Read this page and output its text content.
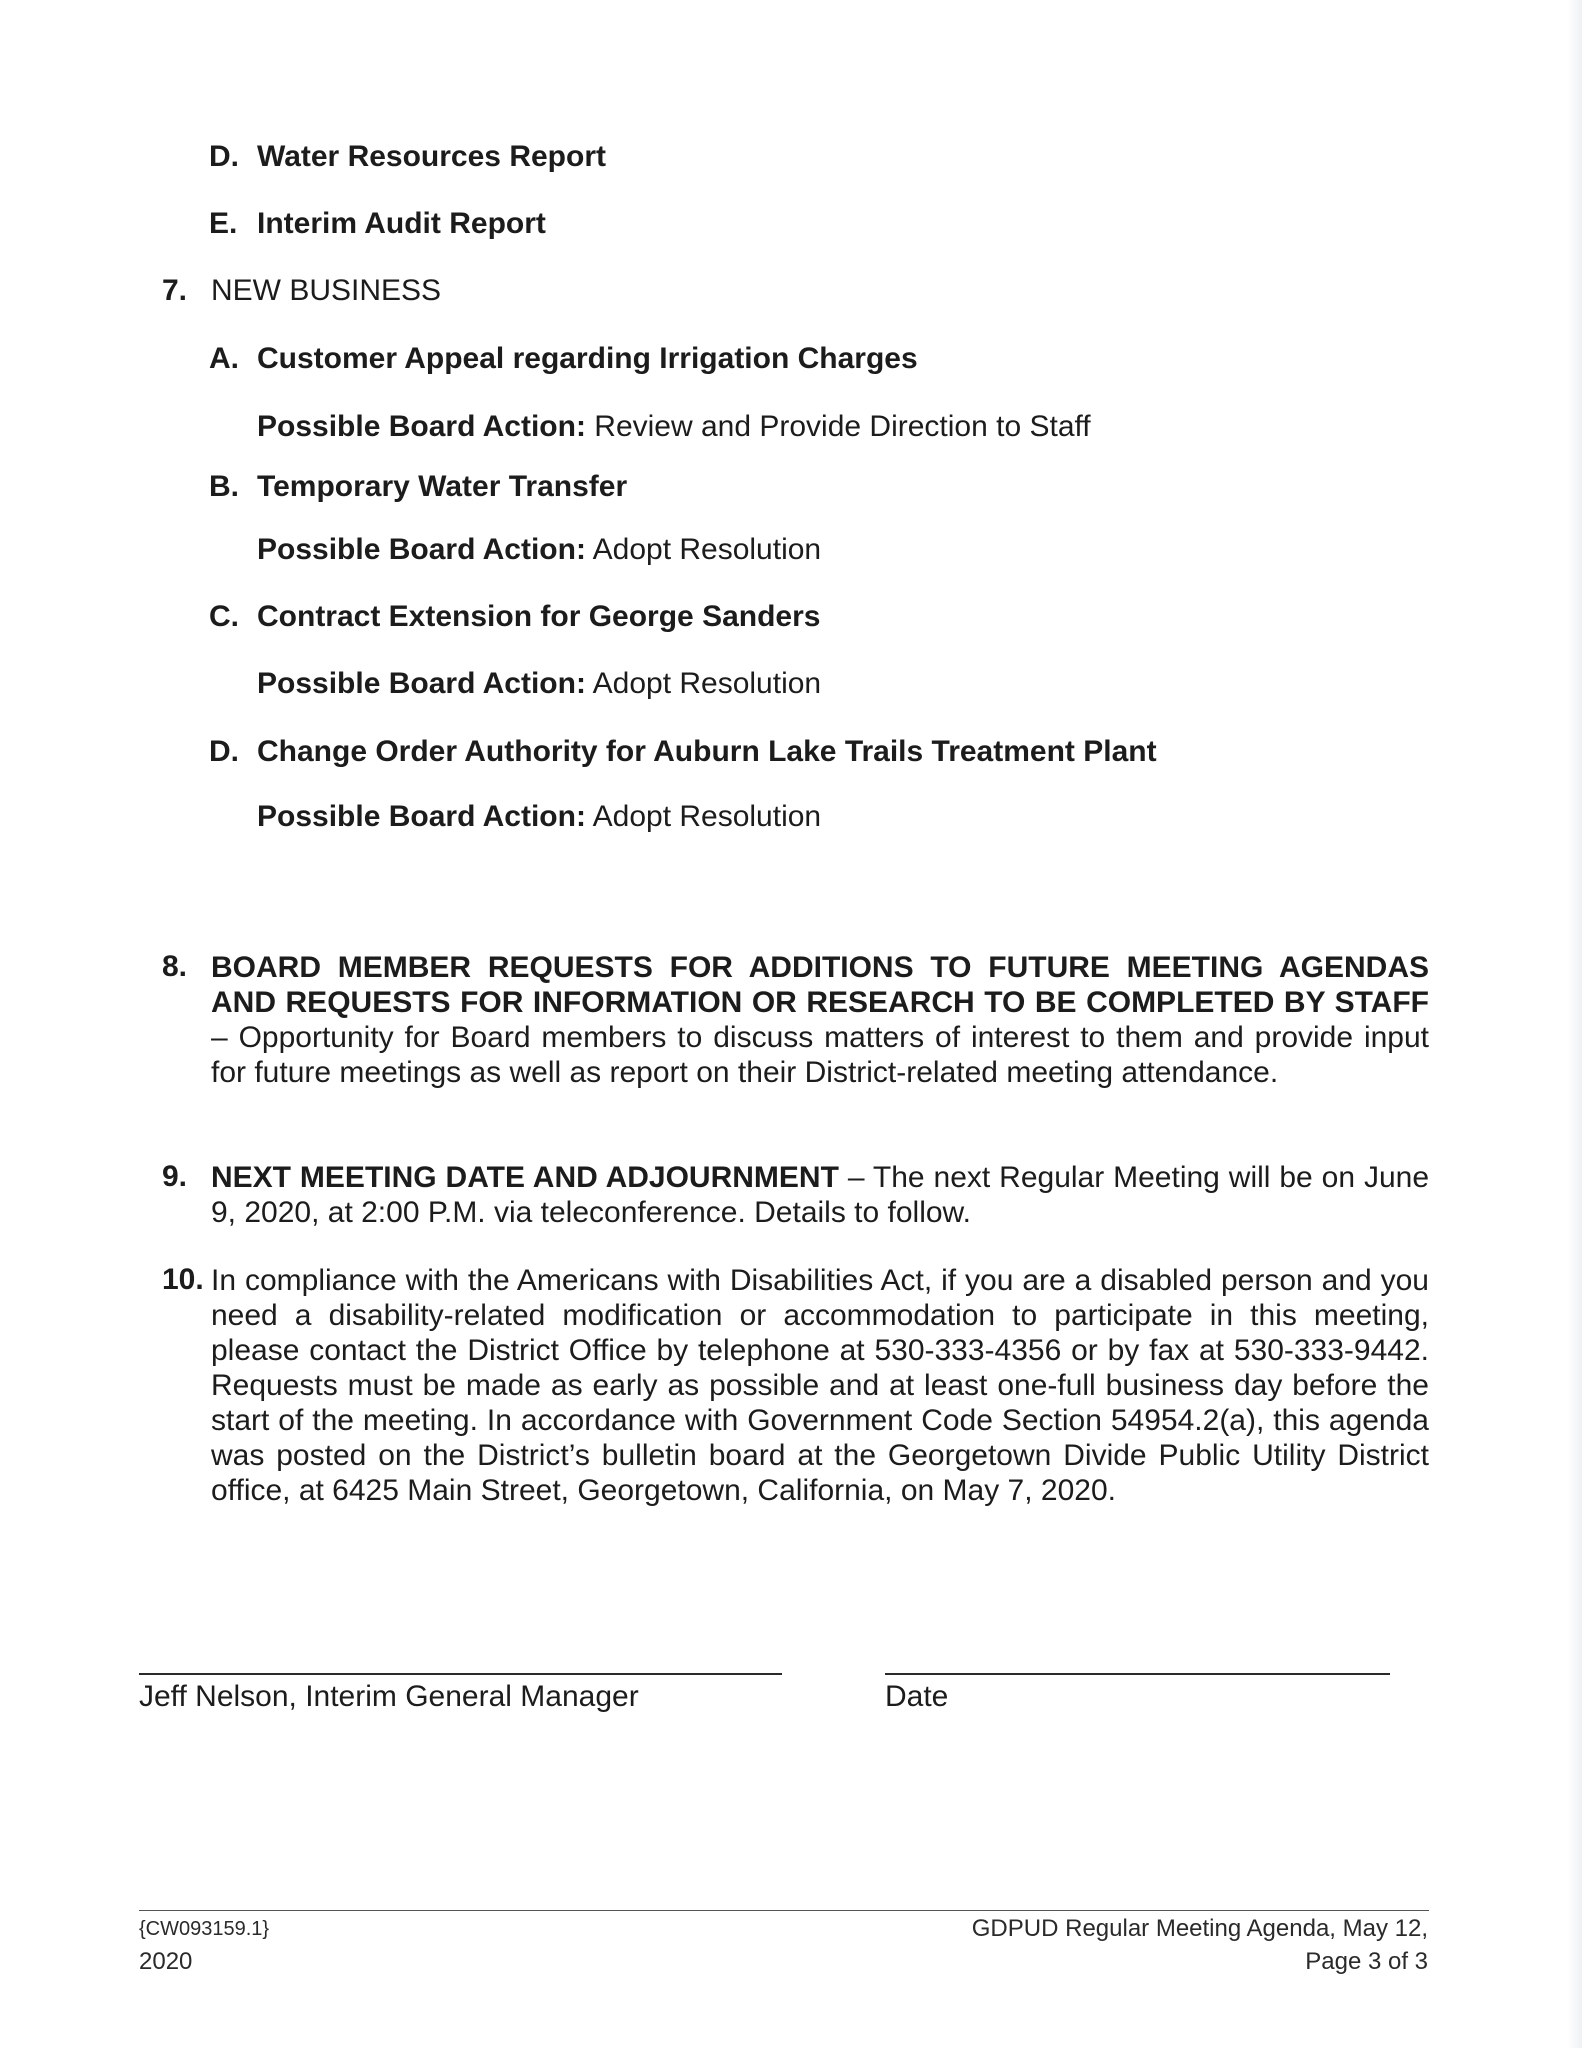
D. Water Resources Report
E. Interim Audit Report
7. NEW BUSINESS
A. Customer Appeal regarding Irrigation Charges
Possible Board Action: Review and Provide Direction to Staff
B. Temporary Water Transfer
Possible Board Action: Adopt Resolution
C. Contract Extension for George Sanders
Possible Board Action: Adopt Resolution
D. Change Order Authority for Auburn Lake Trails Treatment Plant
Possible Board Action: Adopt Resolution
8. BOARD MEMBER REQUESTS FOR ADDITIONS TO FUTURE MEETING AGENDAS AND REQUESTS FOR INFORMATION OR RESEARCH TO BE COMPLETED BY STAFF – Opportunity for Board members to discuss matters of interest to them and provide input for future meetings as well as report on their District-related meeting attendance.
9. NEXT MEETING DATE AND ADJOURNMENT – The next Regular Meeting will be on June 9, 2020, at 2:00 P.M. via teleconference. Details to follow.
10. In compliance with the Americans with Disabilities Act, if you are a disabled person and you need a disability-related modification or accommodation to participate in this meeting, please contact the District Office by telephone at 530-333-4356 or by fax at 530-333-9442. Requests must be made as early as possible and at least one-full business day before the start of the meeting. In accordance with Government Code Section 54954.2(a), this agenda was posted on the District’s bulletin board at the Georgetown Divide Public Utility District office, at 6425 Main Street, Georgetown, California, on May 7, 2020.
Jeff Nelson, Interim General Manager	Date
{CW093159.1}
2020
GDPUD Regular Meeting Agenda, May 12,
Page 3 of 3
